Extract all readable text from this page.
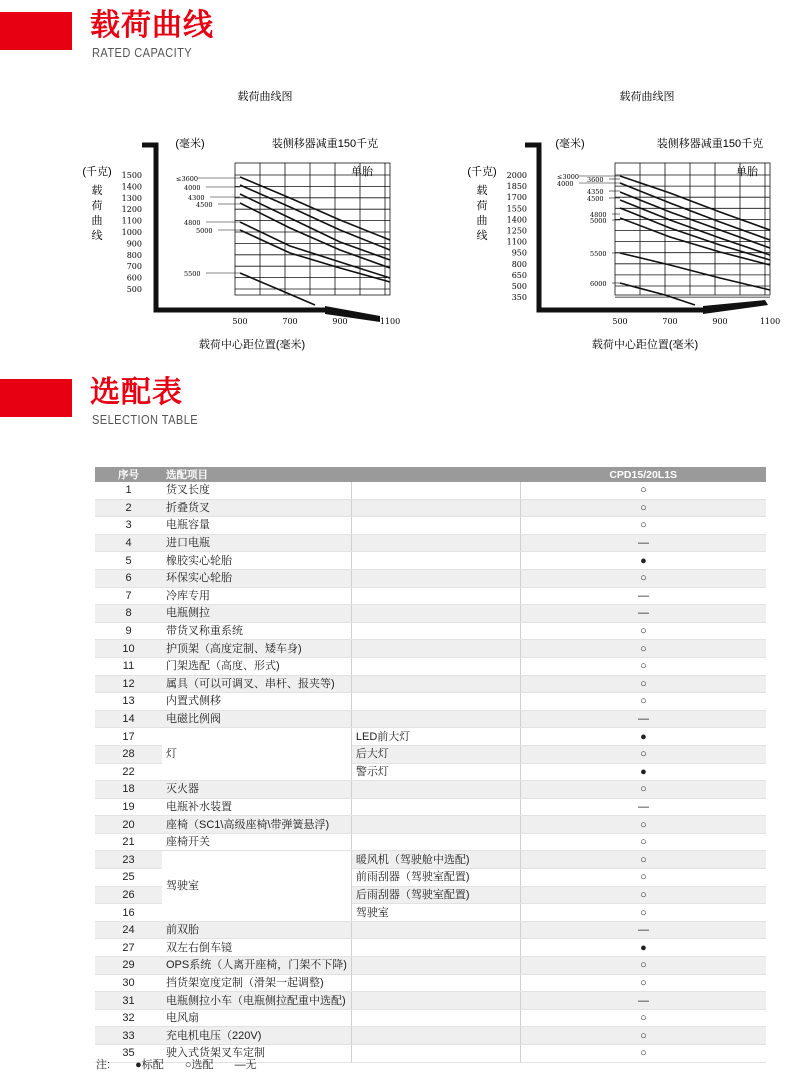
载荷曲线
RATED CAPACITY
载荷曲线图
(毫米)	装侧移器减重150千克
单胎
(千克)
载
荷
曲
线
1500
1400
1300
1200
1100
1000
900
800
700
600
500
500	700	900	1100
≤3600
4000
4300
4500
4800
5000
5500
载荷中心距位置(毫米)
载荷曲线图
(毫米)	装侧移器减重150千克
单胎
(千克)
载
荷
曲
线
2000
1850
1700
1550
1400
1250
1100
950
800
650
500
350
500	700	900	1100
≤3000
4000 3600
4350
4500
4800
5000
5500
6000
载荷中心距位置(毫米)
选配表
SELECTION TABLE
序号	选配项目		CPD15/20L1S
1	货叉长度		○
2	折叠货叉		○
3	电瓶容量		○
4	进口电瓶		—
5	橡胶实心轮胎		●
6	环保实心轮胎		○
7	冷库专用		—
8	电瓶侧拉		—
9	带货叉称重系统		○
10	护顶架（高度定制、矮车身)		○
11	门架选配（高度、形式)		○
12	属具（可以可调叉、串杆、报夹等)		○
13	内置式侧移		○
14	电磁比例阀		—
17	灯	LED前大灯	●
28		后大灯	○
22		警示灯	●
18	灭火器		○
19	电瓶补水装置		—
20	座椅（SC1\高级座椅\带弹簧悬浮)		○
21	座椅开关		○
23	驾驶室	暖风机（驾驶舱中选配)	○
25		前雨刮器（驾驶室配置)	○
26		后雨刮器（驾驶室配置)	○
16		驾驶室	○
24	前双胎		—
27	双左右倒车镜		●
29	OPS系统（人离开座椅，门架不下降)		○
30	挡货架宽度定制（滑架一起调整)		○
31	电瓶侧拉小车（电瓶侧拉配重中选配)		—
32	电风扇		○
33	充电机电压（220V)		○
35	驶入式货架叉车定制		○
注: ●标配 ○选配 —无
